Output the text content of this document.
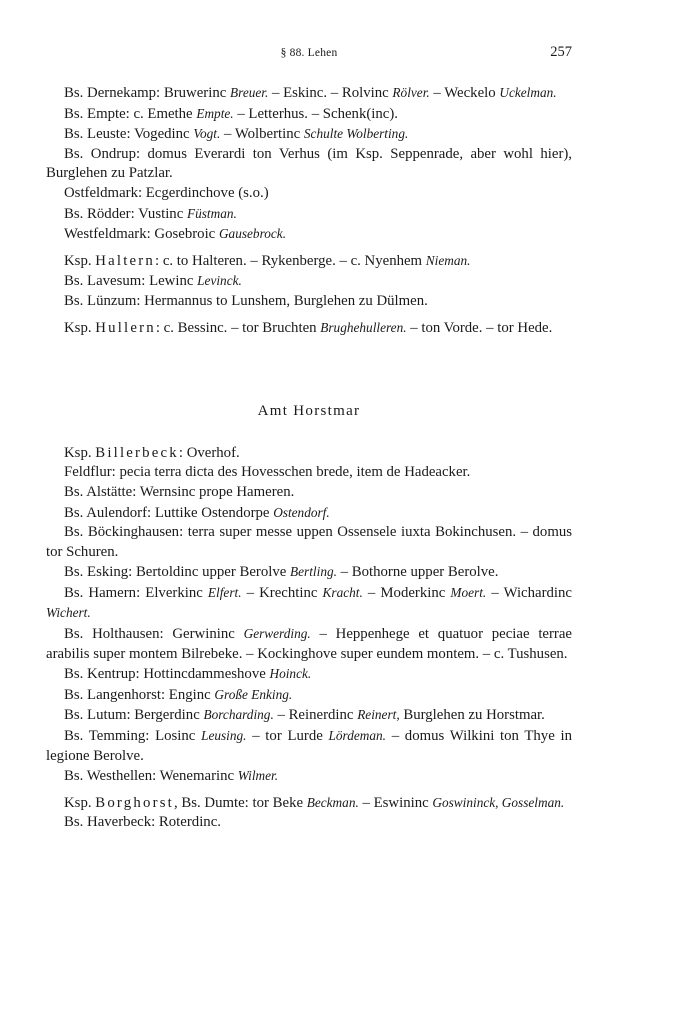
§ 88. Lehen	257

Bs. Dernekamp: Bruwerinc Breuer. – Eskinc. – Rolvinc Rölver. – Weckelo Uckelman.

Bs. Empte: c. Emethe Empte. – Letterhus. – Schenk(inc).

Bs. Leuste: Vogedinc Vogt. – Wolbertinc Schulte Wolberting.

Bs. Ondrup: domus Everardi ton Verhus (im Ksp. Seppenrade, aber wohl hier), Burglehen zu Patzlar.

Ostfeldmark: Ecgerdinchove (s.o.)

Bs. Rödder: Vustinc Füstman.

Westfeldmark: Gosebroic Gausebrock.

Ksp. Haltern: c. to Halteren. – Rykenberge. – c. Nyenhem Nieman.

Bs. Lavesum: Lewinc Levinck.

Bs. Lünzum: Hermannus to Lunshem, Burglehen zu Dülmen.

Ksp. Hullern: c. Bessinc. – tor Bruchten Brughehulleren. – ton Vorde. – tor Hede.

Amt Horstmar

Ksp. Billerbeck: Overhof.

Feldflur: pecia terra dicta des Hovesschen brede, item de Hadeacker.

Bs. Alstätte: Wernsinc prope Hameren.

Bs. Aulendorf: Luttike Ostendorpe Ostendorf.

Bs. Böckinghausen: terra super messe uppen Ossensele iuxta Bokinchusen. – domus tor Schuren.

Bs. Esking: Bertoldinc upper Berolve Bertling. – Bothorne upper Berolve.

Bs. Hamern: Elverkinc Elfert. – Krechtinc Kracht. – Moderkinc Moert. – Wichardinc Wichert.

Bs. Holthausen: Gerwininc Gerwerding. – Heppenhege et quatuor peciae terrae arabilis super montem Bilrebeke. – Kockinghove super eundem montem. – c. Tushusen.

Bs. Kentrup: Hottincdammeshove Hoinck.

Bs. Langenhorst: Enginc Große Enking.

Bs. Lutum: Bergerdinc Borcharding. – Reinerdinc Reinert, Burglehen zu Horstmar.

Bs. Temming: Losinc Leusing. – tor Lurde Lördeman. – domus Wilkini ton Thye in legione Berolve.

Bs. Westhellen: Wenemarinc Wilmer.

Ksp. Borghorst, Bs. Dumte: tor Beke Beckman. – Eswininc Goswininck, Gosselman.

Bs. Haverbeck: Roterdinc.
